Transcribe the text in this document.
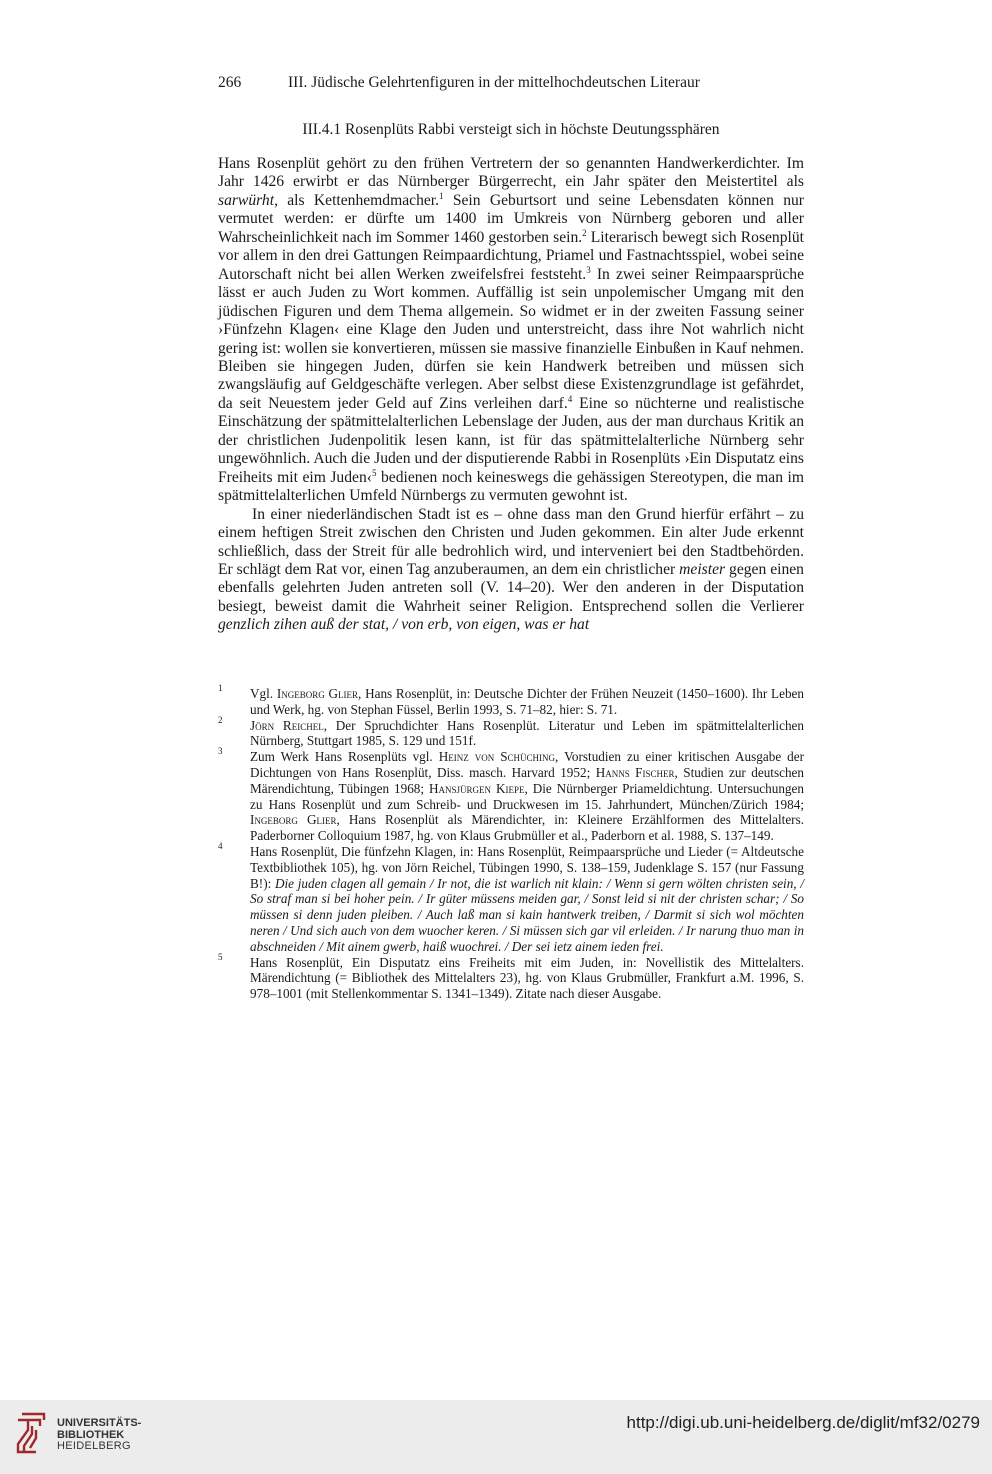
266	III. Jüdische Gelehrtenfiguren in der mittelhochdeutschen Literaur
III.4.1 Rosenplüts Rabbi versteigt sich in höchste Deutungssphären

Hans Rosenplüt gehört zu den frühen Vertretern der so genannten Handwerkerdichter. Im Jahr 1426 erwirbt er das Nürnberger Bürgerrecht, ein Jahr später den Meistertitel als sarwürht, als Kettenhemdmacher.$^1$ Sein Geburtsort und seine Lebensdaten können nur vermutet werden: er dürfte um 1400 im Umkreis von Nürnberg geboren und aller Wahrscheinlichkeit nach im Sommer 1460 gestorben sein.$^2$ Literarisch bewegt sich Rosenplüt vor allem in den drei Gattungen Reimpaardichtung, Priamel und Fastnachtsspiel, wobei seine Autorschaft nicht bei allen Werken zweifelsfrei feststeht.$^3$ In zwei seiner Reimpaarsprüche lässt er auch Juden zu Wort kommen. Auffällig ist sein unpolemischer Umgang mit den jüdischen Figuren und dem Thema allgemein. So widmet er in der zweiten Fassung seiner ›Fünfzehn Klagen‹ eine Klage den Juden und unterstreicht, dass ihre Not wahrlich nicht gering ist: wollen sie konvertieren, müssen sie massive finanzielle Einbußen in Kauf nehmen. Bleiben sie hingegen Juden, dürfen sie kein Handwerk betreiben und müssen sich zwangsläufig auf Geldgeschäfte verlegen. Aber selbst diese Existenzgrundlage ist gefährdet, da seit Neuestem jeder Geld auf Zins verleihen darf.$^4$ Eine so nüchterne und realistische Einschätzung der spätmittelalterlichen Lebenslage der Juden, aus der man durchaus Kritik an der christlichen Judenpolitik lesen kann, ist für das spätmittelalterliche Nürnberg sehr ungewöhnlich. Auch die Juden und der disputierende Rabbi in Rosenplüts ›Ein Disputatz eins Freiheits mit eim Juden‹$^5$ bedienen noch keineswegs die gehässigen Stereotypen, die man im spätmittelalterlichen Umfeld Nürnbergs zu vermuten gewohnt ist.

In einer niederländischen Stadt ist es – ohne dass man den Grund hierfür erfährt – zu einem heftigen Streit zwischen den Christen und Juden gekommen. Ein alter Jude erkennt schließlich, dass der Streit für alle bedrohlich wird, und interveniert bei den Stadtbehörden. Er schlägt dem Rat vor, einen Tag anzuberaumen, an dem ein christlicher meister gegen einen ebenfalls gelehrten Juden antreten soll (V. 14–20). Wer den anderen in der Disputation besiegt, beweist damit die Wahrheit seiner Religion. Entsprechend sollen die Verlierer genzlich zihen auß der stat, / von erb, von eigen, was er hat

1 Vgl. Ingeborg Glier, Hans Rosenplüt, in: Deutsche Dichter der Frühen Neuzeit (1450–1600). Ihr Leben und Werk, hg. von Stephan Füssel, Berlin 1993, S. 71–82, hier: S. 71.
2 Jörn Reichel, Der Spruchdichter Hans Rosenplüt. Literatur und Leben im spätmittelalterlichen Nürnberg, Stuttgart 1985, S. 129 und 151f.
3 Zum Werk Hans Rosenplüts vgl. Heinz von Schüching, Vorstudien zu einer kritischen Ausgabe der Dichtungen von Hans Rosenplüt, Diss. masch. Harvard 1952; Hanns Fischer, Studien zur deutschen Märendichtung, Tübingen 1968; Hansjürgen Kiepe, Die Nürnberger Priameldichtung. Untersuchungen zu Hans Rosenplüt und zum Schreib- und Druckwesen im 15. Jahrhundert, München/Zürich 1984; Ingeborg Glier, Hans Rosenplüt als Märendichter, in: Kleinere Erzählformen des Mittelalters. Paderborner Colloquium 1987, hg. von Klaus Grubmüller et al., Paderborn et al. 1988, S. 137–149.
4 Hans Rosenplüt, Die fünfzehn Klagen, in: Hans Rosenplüt, Reimpaarsprüche und Lieder (= Altdeutsche Textbibliothek 105), hg. von Jörn Reichel, Tübingen 1990, S. 138–159, Judenklage S. 157 (nur Fassung B!): Die juden clagen all gemain / Ir not, die ist warlich nit klain: / Wenn si gern wölten christen sein, / So straf man si bei hoher pein. / Ir güter müssens meiden gar, / Sonst leid si nit der christen schar; / So müssen si denn juden pleiben. / Auch laß man si kain hantwerk treiben, / Darmit si sich wol möchten neren / Und sich auch von dem wuocher keren. / Si müssen sich gar vil erleiden. / Ir narung thuo man in abschneiden / Mit ainem gwerb, haiß wuochrei. / Der sei ietz ainem ieden frei.
5 Hans Rosenplüt, Ein Disputatz eins Freiheits mit eim Juden, in: Novellistik des Mittelalters. Märendichtung (= Bibliothek des Mittelalters 23), hg. von Klaus Grubmüller, Frankfurt a.M. 1996, S. 978–1001 (mit Stellenkommentar S. 1341–1349). Zitate nach dieser Ausgabe.
UNIVERSITÄTS-
BIBLIOTHEK
HEIDELBERG
http://digi.ub.uni-heidelberg.de/diglit/mf32/0279
